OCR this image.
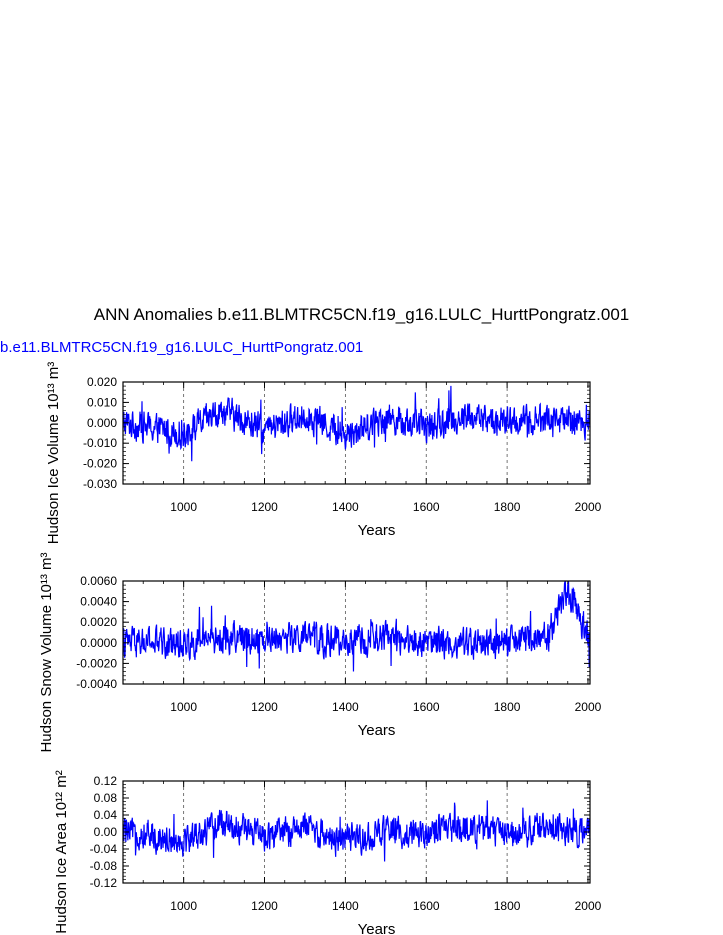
ANN Anomalies b.e11.BLMTRC5CN.f19_g16.LULC_HurttPongratz.001
b.e11.BLMTRC5CN.f19_g16.LULC_HurttPongratz.001
1000	1200	1400	1600	1800	2000
0.020
0.010
0.000
-0.010
-0.020
-0.030
Years
Hudson Ice Volume 10¹³ m³
1000	1200	1400	1600	1800	2000
0.0060
0.0040
0.0020
0.0000
-0.0020
-0.0040
Years
Hudson Snow Volume 10¹³ m³
1000	1200	1400	1600	1800	2000
0.12
0.08
0.04
0.00
-0.04
-0.08
-0.12
Years
Hudson Ice Area 10¹² m²
